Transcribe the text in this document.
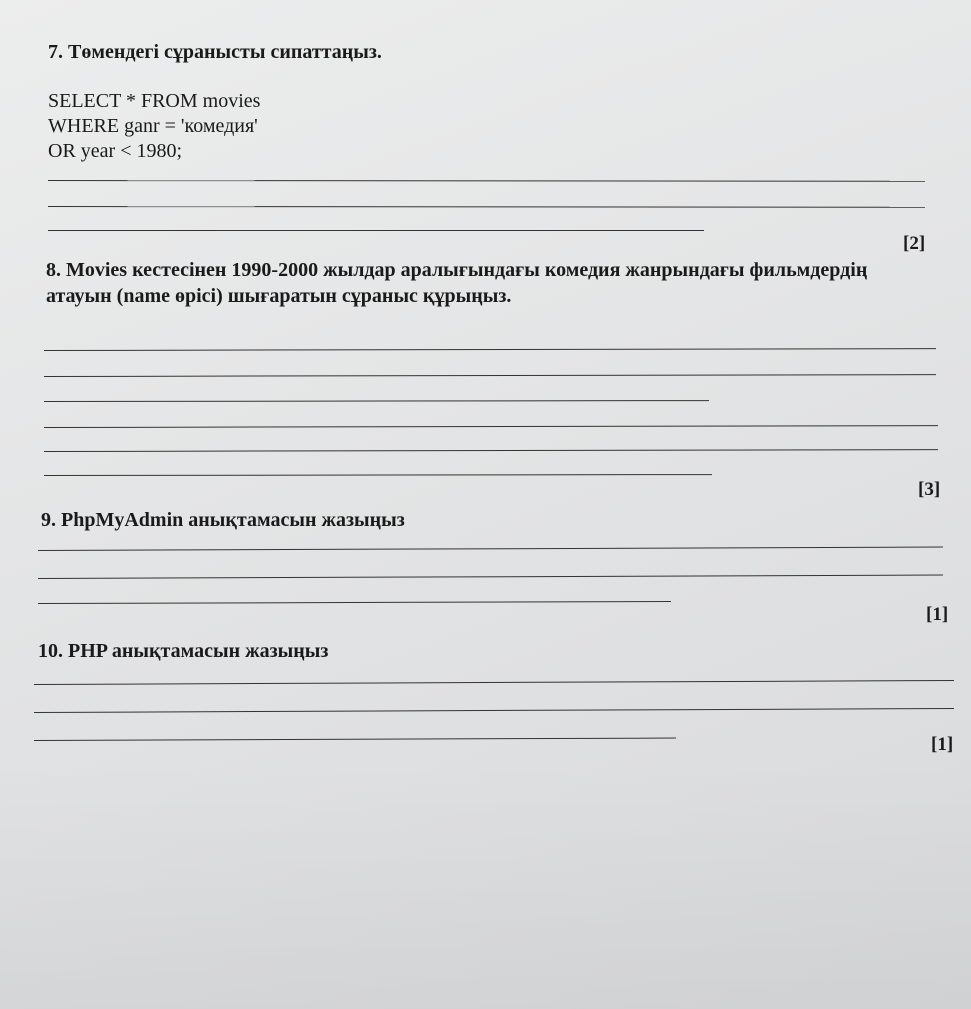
7. Төмендегі сұранысты сипаттаңыз.

SELECT * FROM movies

WHERE ganr = 'комедия'

OR year < 1980;

[2]

8. Movies кестесінен 1990-2000 жылдар аралығындағы комедия жанрындағы фильмдердің

атауын (name өрісі) шығаратын сұраныс құрыңыз.

[3]

9. PhpMyAdmin анықтамасын жазыңыз

[1]

10. PHP анықтамасын жазыңыз

[1]
